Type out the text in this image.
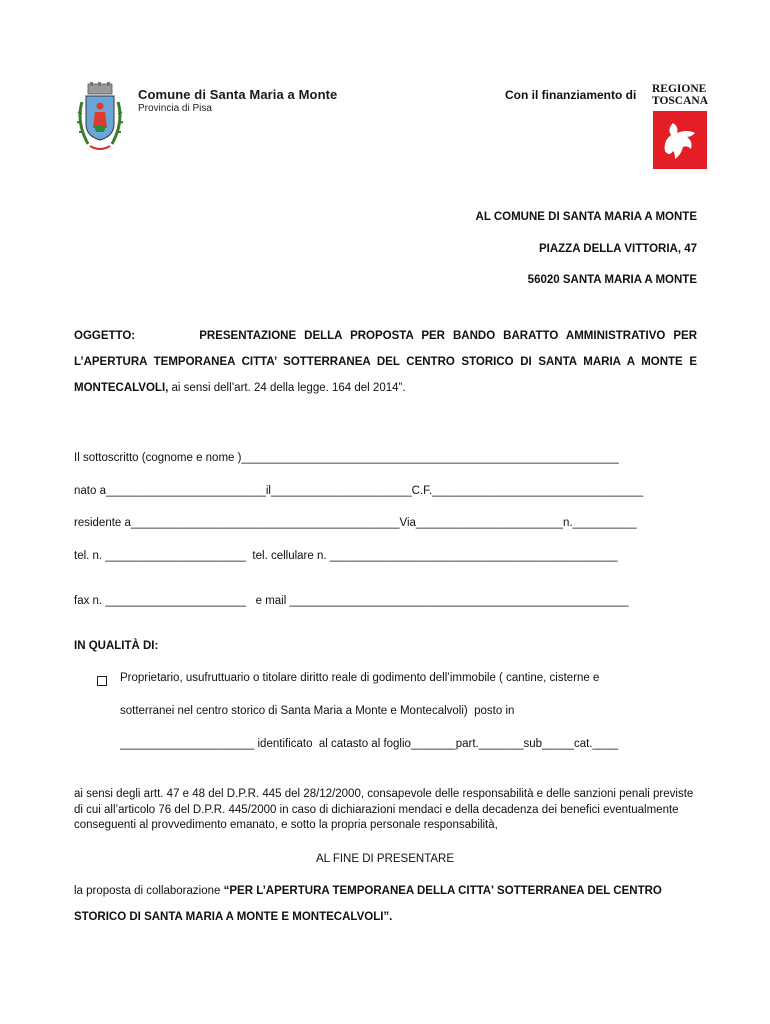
Comune di Santa Maria a Monte
Provincia di Pisa
Con il finanziamento di REGIONE
TOSCANA
AL COMUNE DI SANTA MARIA A MONTE
PIAZZA DELLA VITTORIA, 47
56020 SANTA MARIA A MONTE
OGGETTO:	PRESENTAZIONE DELLA PROPOSTA PER BANDO BARATTO AMMINISTRATIVO PER L’APERTURA TEMPORANEA CITTA’ SOTTERRANEA DEL CENTRO STORICO DI SANTA MARIA A MONTE E MONTECALVOLI, ai sensi dell’art. 24 della legge. 164 del 2014”.
Il sottoscritto (cognome e nome )___________________________________________________________
nato a_________________________il______________________C.F._________________________________
residente a__________________________________________Via_______________________n.__________
tel. n. ______________________  tel. cellulare n. _____________________________________________
fax n. ______________________   e mail _____________________________________________________
IN QUALITÀ DI:
Proprietario, usufruttuario o titolare diritto reale di godimento dell’immobile ( cantine, cisterne e
sotterranei nel centro storico di Santa Maria a Monte e Montecalvoli)  posto in
_____________________ identificato  al catasto al foglio_______part._______sub_____cat.____
ai sensi degli artt. 47 e 48 del D.P.R. 445 del 28/12/2000, consapevole delle responsabilità e delle sanzioni penali previste di cui all’articolo 76 del D.P.R. 445/2000 in caso di dichiarazioni mendaci e della decadenza dei benefici eventualmente conseguenti al provvedimento emanato, e sotto la propria personale responsabilità,
AL FINE DI PRESENTARE
la proposta di collaborazione “PER L’APERTURA TEMPORANEA DELLA CITTA' SOTTERRANEA DEL CENTRO STORICO DI SANTA MARIA A MONTE E MONTECALVOLI”.
